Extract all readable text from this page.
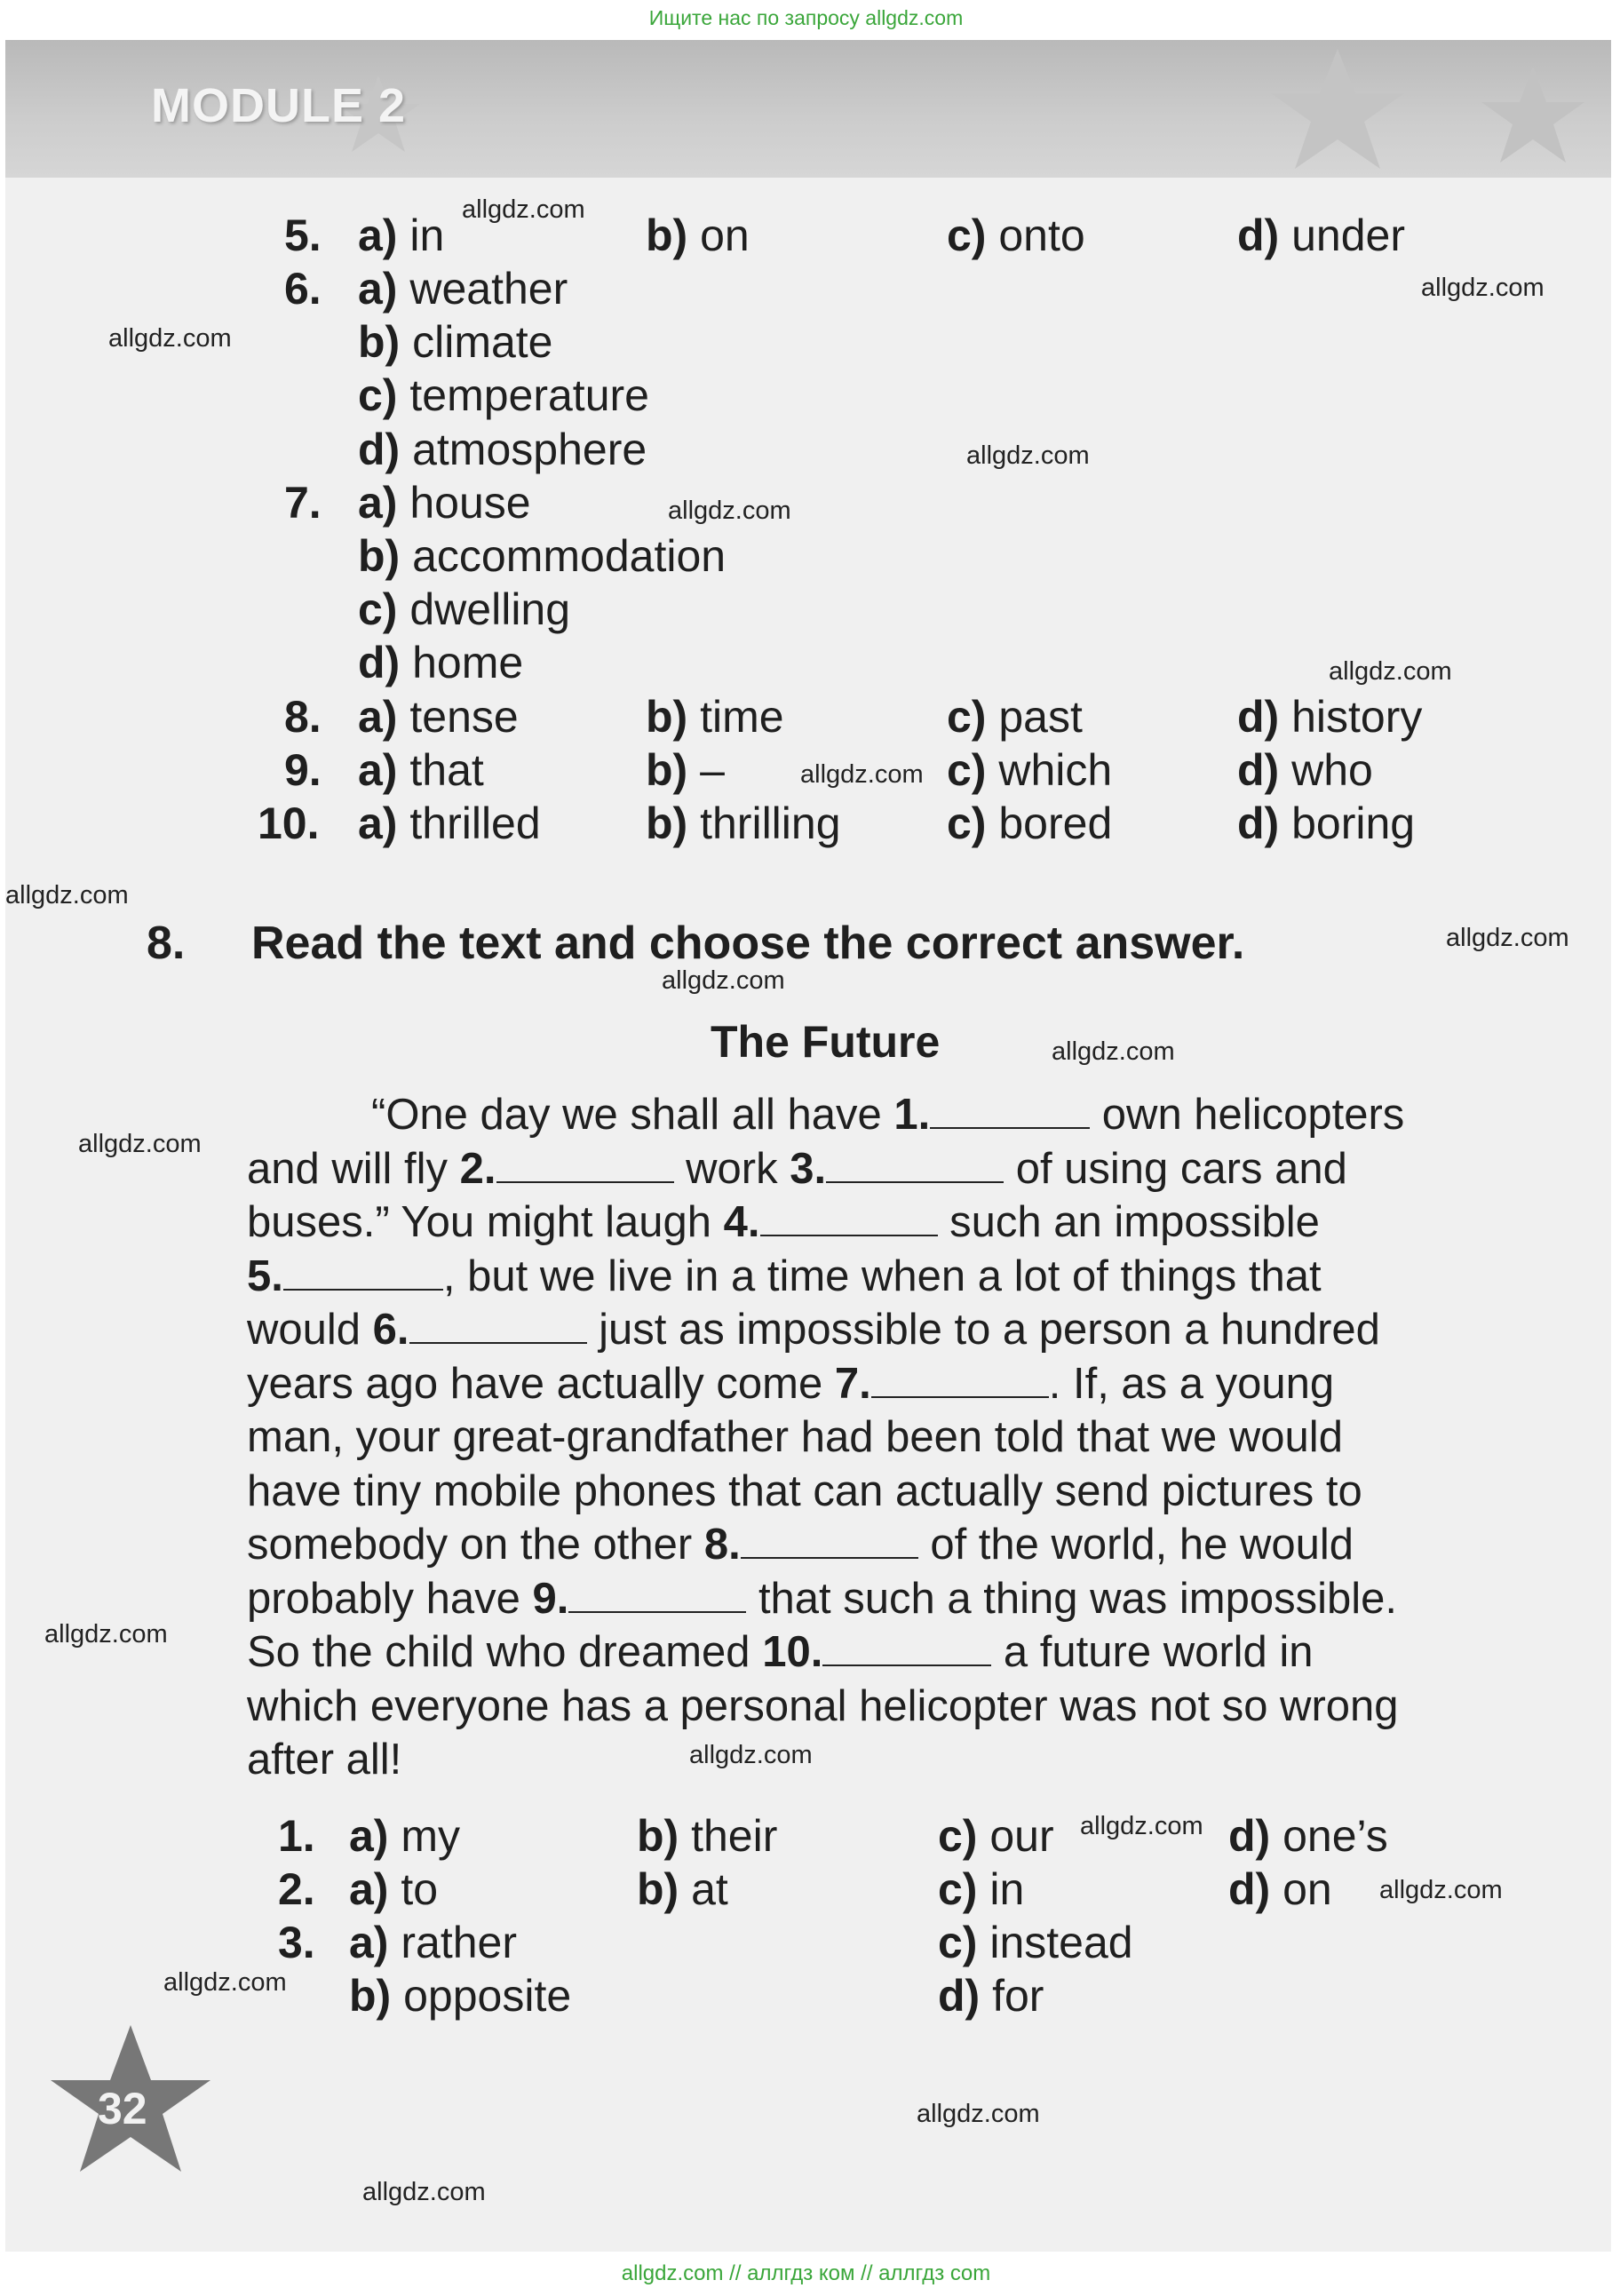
Ищите нас по запросу allgdz.com
MODULE 2
5. a) in	b) on	c) onto	d) under
6. a) weather
b) climate
c) temperature
d) atmosphere
7. a) house
b) accommodation
c) dwelling
d) home
8. a) tense	b) time	c) past	d) history
9. a) that	b) –	c) which	d) who
10. a) thrilled b) thrilling c) bored	d) boring
8. Read the text and choose the correct answer.
The Future
“One day we shall all have 1.	own helicopters
and will fly 2.	work 3.	of using cars and
buses.” You might laugh 4.	such an impossible
5.	, but we live in a time when a lot of things that
would 6.	just as impossible to a person a hundred
years ago have actually come 7.	. If, as a young
man, your great-grandfather had been told that we would
have tiny mobile phones that can actually send pictures to
somebody on the other 8.	of the world, he would
probably have 9.	that such a thing was impossible.
So the child who dreamed 10.	a future world in
which everyone has a personal helicopter was not so wrong
after all!
1. a) my	b) their	c) our	d) one’s
2. a) to	b) at	c) in	d) on
3. a) rather
b) opposite
c) instead
d) for
32
allgdz.com
allgdz.com
allgdz.com
allgdz.com
allgdz.com
allgdz.com
allgdz.com
allgdz.com
allgdz.com
allgdz.com
allgdz.com
allgdz.com
allgdz.com
allgdz.com
allgdz.com
allgdz.com
allgdz.com
allgdz.com
allgdz.com
allgdz.com // аллгдз ком // аллгдз com
